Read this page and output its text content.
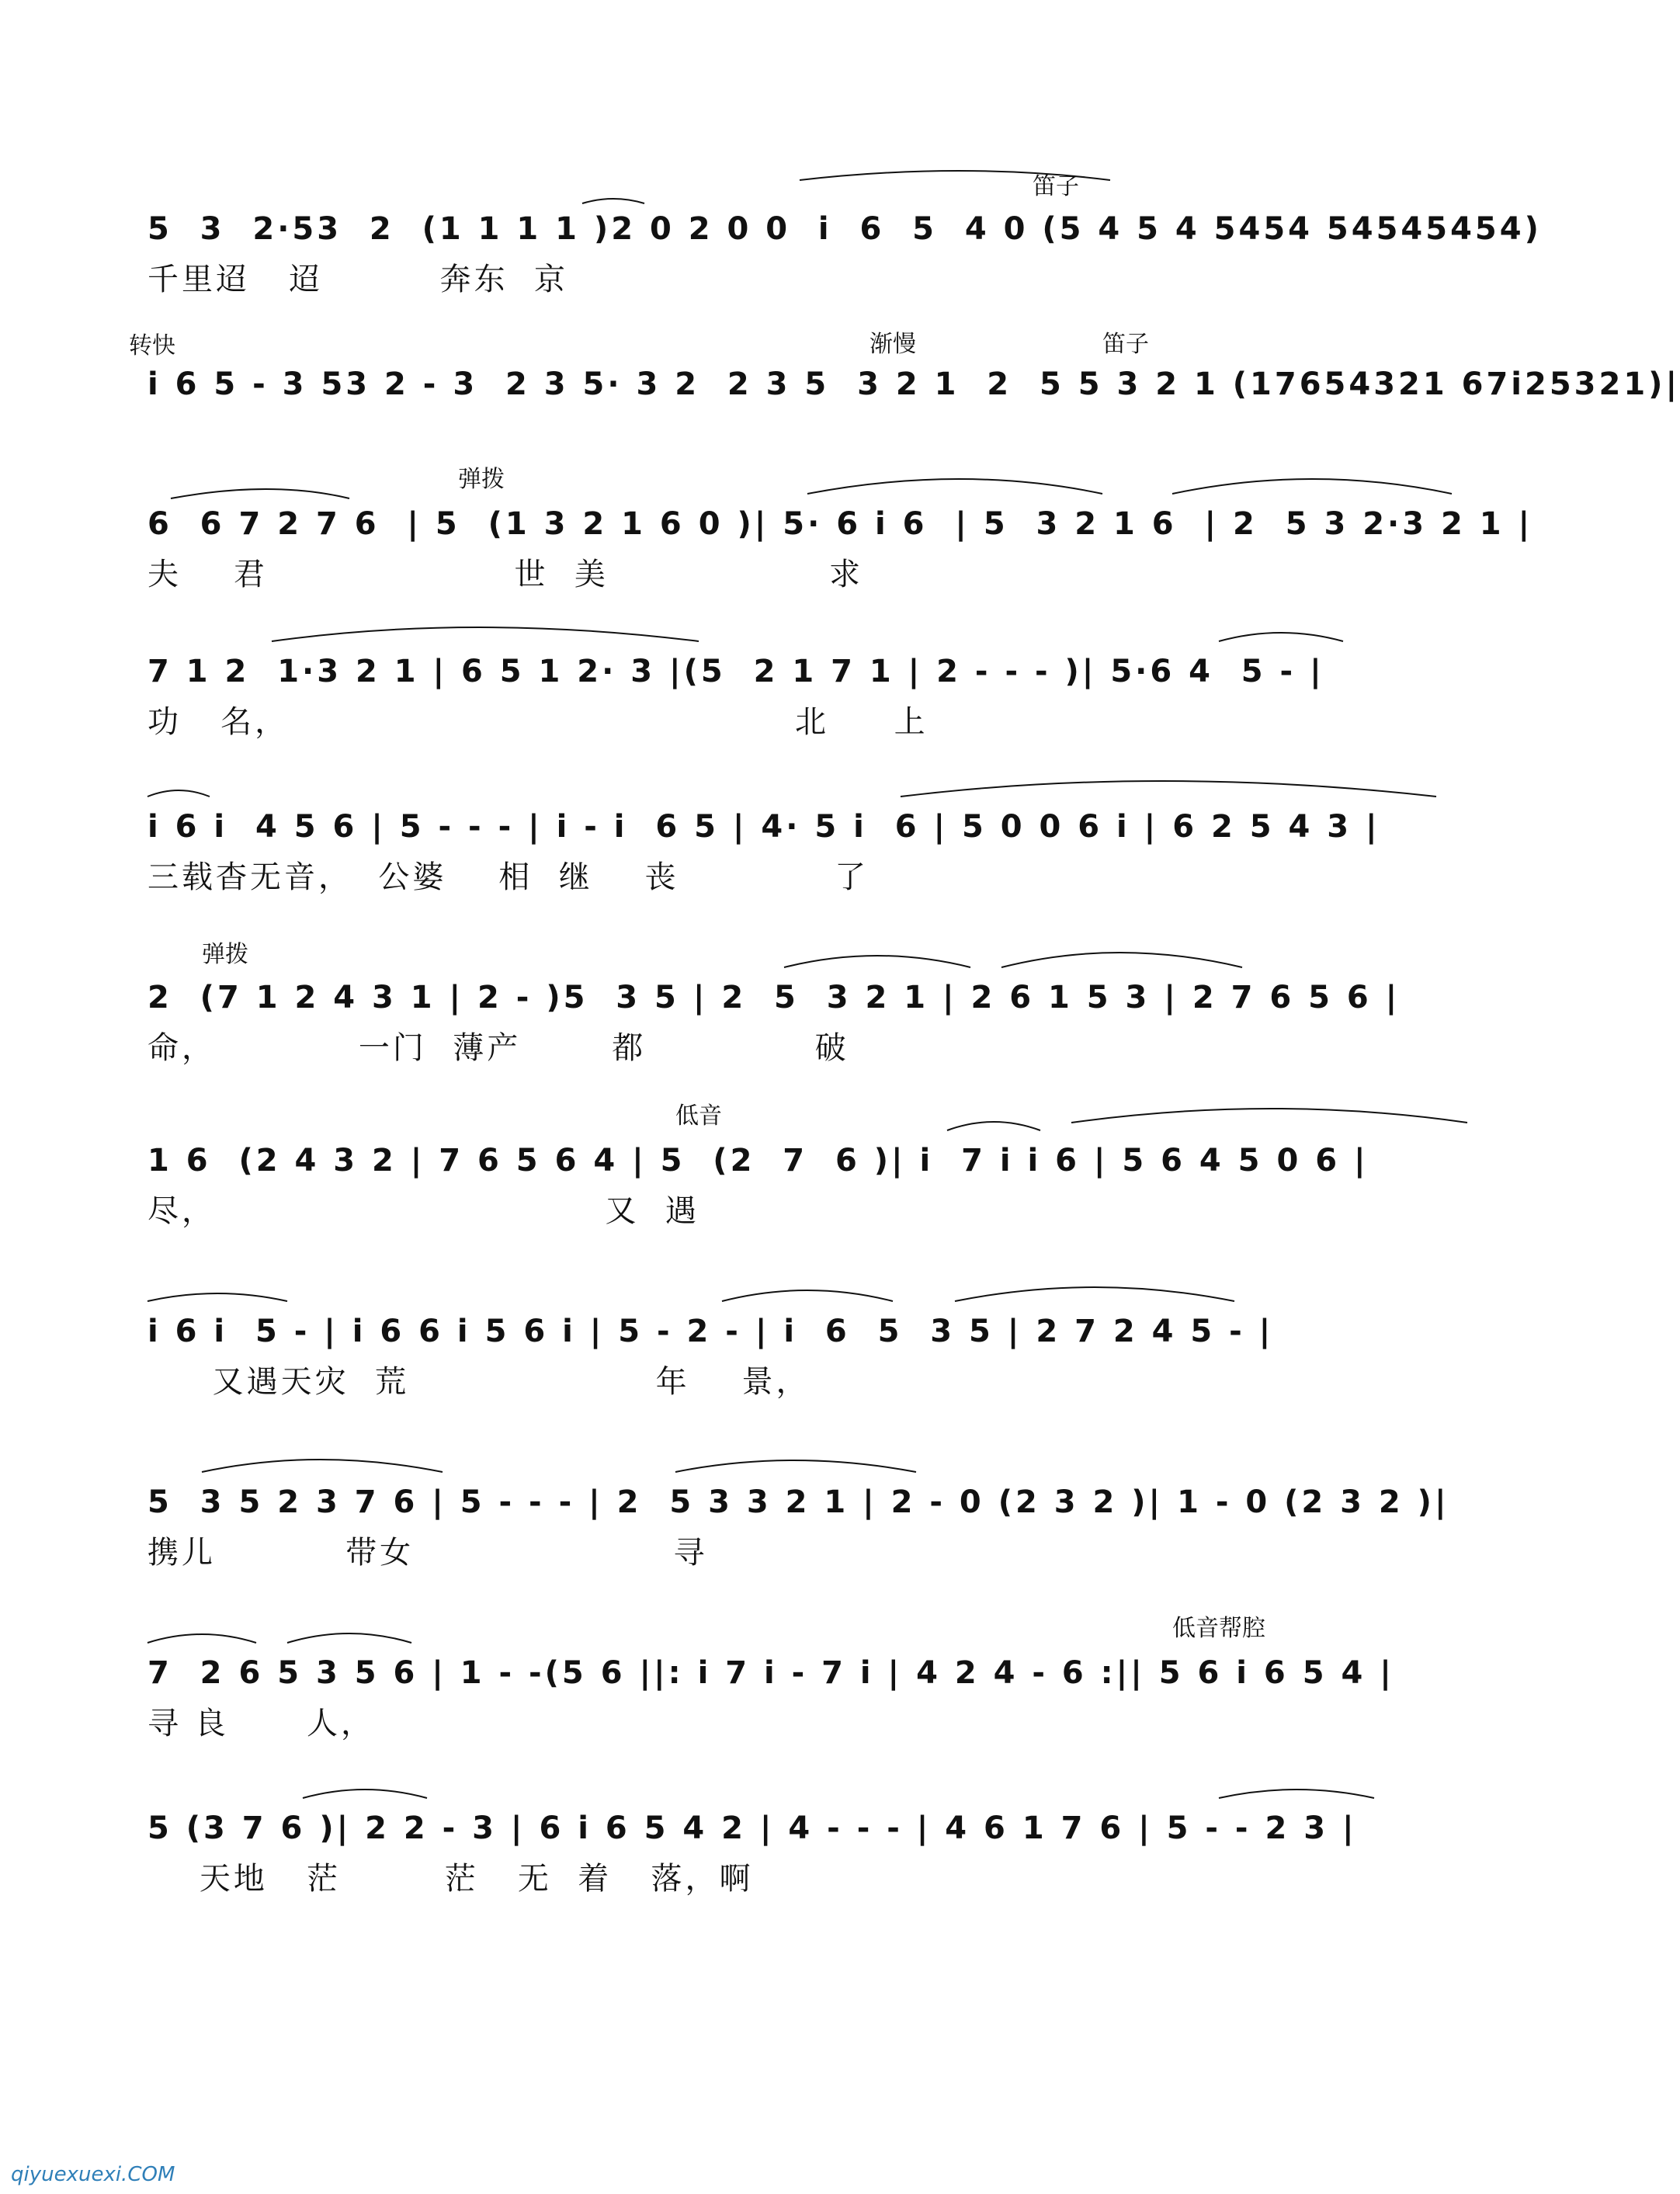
笛子
5  3  2·53  2  (1 1 1 1 )2 0 2 0 0  i  6  5  4 0 (5 4 5 4 5454 54545454)
千里迢   迢         奔东  京
转快	渐慢	笛子
i 6 5 - 3 53 2 - 3  2 3 5· 3 2  2 3 5  3 2 1  2  5 5 3 2 1 (17654321 67i25321)|
弹拨
6  6 7 2 7 6  | 5  (1 3 2 1 6 0 )| 5· 6 i 6  | 5  3 2 1 6  | 2  5 3 2·3 2 1 |
夫    君                   世  美                 求
7 1 2  1·3 2 1 | 6 5 1 2· 3 |(5  2 1 7 1 | 2 - - - )| 5·6 4  5 - |
功   名，                                       北     上
i 6 i  4 5 6 | 5 - - - | i - i  6 5 | 4· 5 i  6 | 5 0 0 6 i | 6 2 5 4 3 |
三载杳无音，  公婆    相  继    丧            了
弹拨
2  (7 1 2 4 3 1 | 2 - )5  3 5 | 2  5  3 2 1 | 2 6 1 5 3 | 2 7 6 5 6 |
命，           一门  薄产       都             破
低音
1 6  (2 4 3 2 | 7 6 5 6 4 | 5  (2  7  6 )| i  7 i i 6 | 5 6 4 5 0 6 |
尽，                              又  遇
i 6 i  5 - | i 6 6 i 5 6 i | 5 - 2 - | i  6  5  3 5 | 2 7 2 4 5 - |
又遇天灾  荒                   年    景，
5  3 5 2 3 7 6 | 5 - - - | 2  5 3 3 2 1 | 2 - 0 (2 3 2 )| 1 - 0 (2 3 2 )|
携儿          带女                    寻
低音帮腔
7  2 6 5 3 5 6 | 1 - -(5 6 ||: i 7 i - 7 i | 4 2 4 - 6 :|| 5 6 i 6 5 4 |
寻 良      人，
5 (3 7 6 )| 2 2 - 3 | 6 i 6 5 4 2 | 4 - - - | 4 6 1 7 6 | 5 - - 2 3 |
天地   茫        茫   无  着   落，啊
qiyuexuexi.COM
